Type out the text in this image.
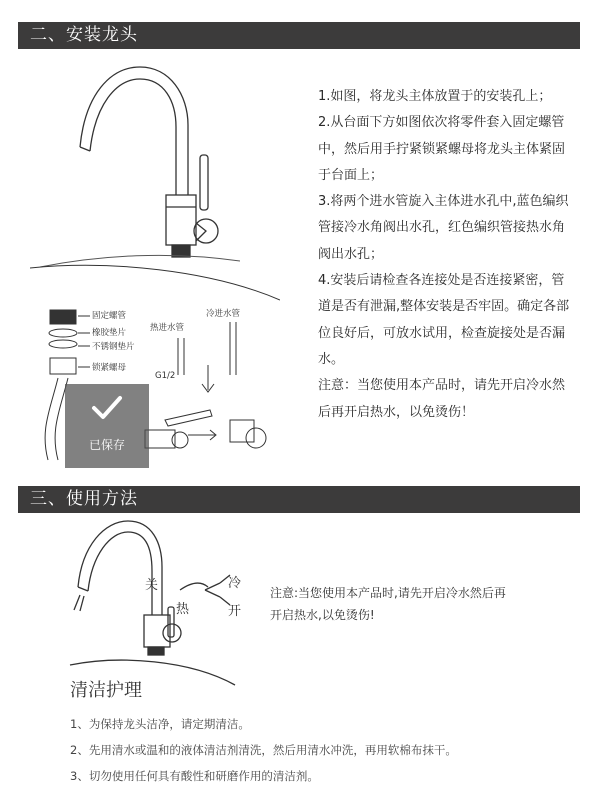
二、安装龙头
固定螺管
橡胶垫片
不锈钢垫片
锁紧螺母
热进水管
冷进水管
G1/2

1.如图，将龙头主体放置于的安装孔上；

2.从台面下方如图依次将零件套入固定螺管中，然后用手拧紧锁紧螺母将龙头主体紧固于台面上；

3.将两个进水管旋入主体进水孔中,蓝色编织管接冷水角阀出水孔，红色编织管接热水角阀出水孔；

4.安装后请检查各连接处是否连接紧密，管道是否有泄漏,整体安装是否牢固。确定各部位良好后，可放水试用，检查旋接处是否漏水。

注意：当您使用本产品时，请先开启冷水然后再开启热水，以免烫伤！

已保存
三、使用方法
关	冷
热	开

注意:当您使用本产品时,请先开启冷水然后再

开启热水,以免烫伤!

清洁护理
1、为保持龙头洁净，请定期清洁。
2、先用清水或温和的液体清洁剂清洗，然后用清水冲洗，再用软棉布抹干。
3、切勿使用任何具有酸性和研磨作用的清洁剂。
